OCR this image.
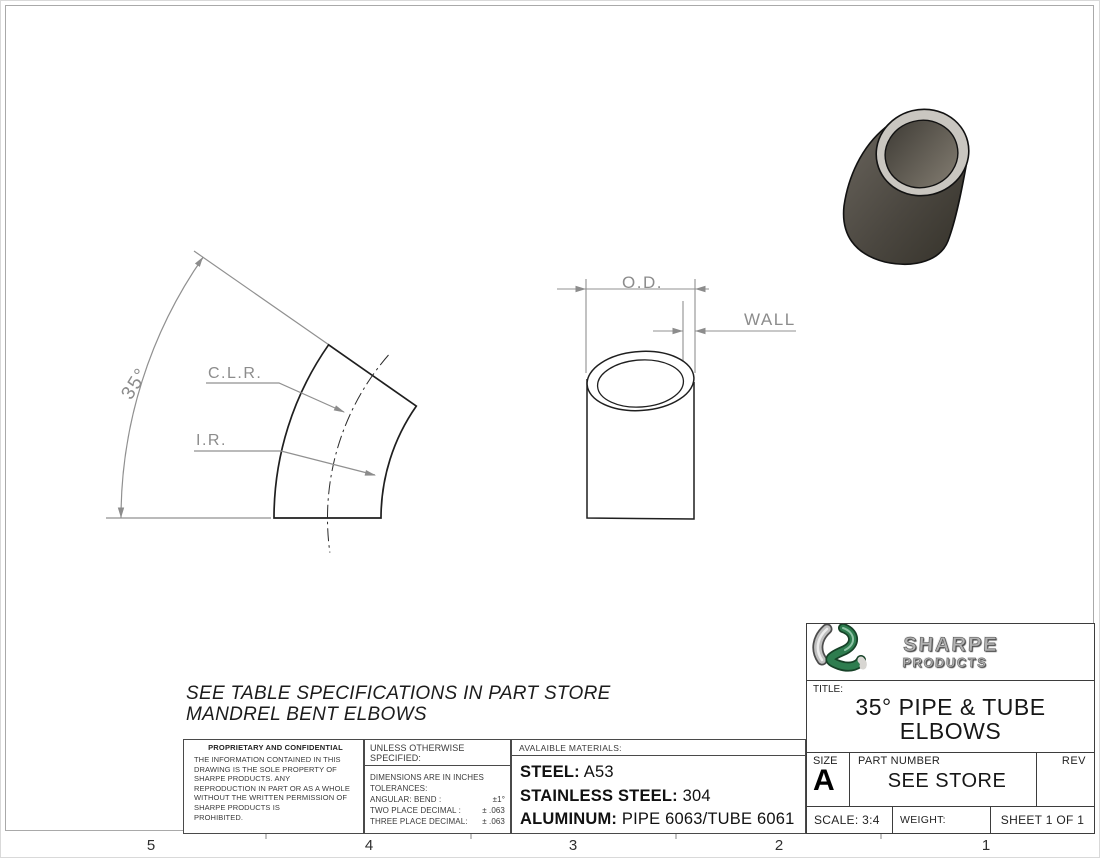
35°	C.L.R.
I.R.
O.D.
WALL
SEE TABLE SPECIFICATIONS IN PART STORE
MANDREL BENT ELBOWS
PROPRIETARY AND CONFIDENTIAL
THE INFORMATION CONTAINED IN THIS
DRAWING IS THE SOLE PROPERTY OF
SHARPE PRODUCTS. ANY
REPRODUCTION IN PART OR AS A WHOLE
WITHOUT THE WRITTEN PERMISSION OF
SHARPE PRODUCTS IS
PROHIBITED.
UNLESS OTHERWISE SPECIFIED:
DIMENSIONS ARE IN INCHES
TOLERANCES:
ANGULAR: BEND :	±1°
TWO PLACE DECIMAL :	± .063
THREE PLACE DECIMAL: ± .063
AVALAIBLE MATERIALS:
STEEL: A53
STAINLESS STEEL: 304
ALUMINUM: PIPE 6063/TUBE 6061
SHARPE
PRODUCTS
TITLE:
35° PIPE & TUBE
ELBOWS
SIZE
A
PART NUMBER
SEE STORE
REV
SCALE: 3:4	WEIGHT:	SHEET 1 OF 1
5	4	3	2	1
